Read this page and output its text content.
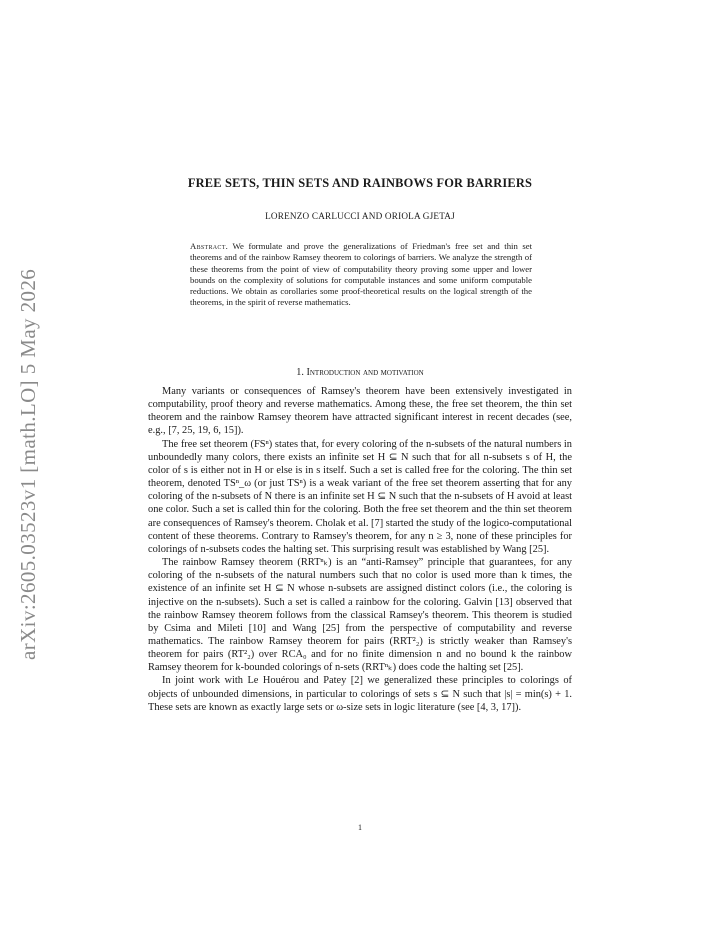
arXiv:2605.03523v1 [math.LO] 5 May 2026
FREE SETS, THIN SETS AND RAINBOWS FOR BARRIERS
LORENZO CARLUCCI AND ORIOLA GJETAJ
Abstract. We formulate and prove the generalizations of Friedman's free set and thin set theorems and of the rainbow Ramsey theorem to colorings of barriers. We analyze the strength of these theorems from the point of view of computability theory proving some upper and lower bounds on the complexity of solutions for computable instances and some uniform computable reductions. We obtain as corollaries some proof-theoretical results on the logical strength of the theorems, in the spirit of reverse mathematics.
1. Introduction and motivation

Many variants or consequences of Ramsey's theorem have been extensively investigated in computability, proof theory and reverse mathematics. Among these, the free set theorem, the thin set theorem and the rainbow Ramsey theorem have attracted significant interest in recent decades (see, e.g., [7, 25, 19, 6, 15]).

The free set theorem (FSⁿ) states that, for every coloring of the n-subsets of the natural numbers in unboundedly many colors, there exists an infinite set H ⊆ N such that for all n-subsets s of H, the color of s is either not in H or else is in s itself. Such a set is called free for the coloring. The thin set theorem, denoted TSⁿ_ω (or just TSⁿ) is a weak variant of the free set theorem asserting that for any coloring of the n-subsets of N there is an infinite set H ⊆ N such that the n-subsets of H avoid at least one color. Such a set is called thin for the coloring. Both the free set theorem and the thin set theorem are consequences of Ramsey's theorem. Cholak et al. [7] started the study of the logico-computational content of these theorems. Contrary to Ramsey's theorem, for any n ≥ 3, none of these principles for colorings of n-subsets codes the halting set. This surprising result was established by Wang [25].

The rainbow Ramsey theorem (RRTⁿₖ) is an “anti-Ramsey” principle that guarantees, for any coloring of the n-subsets of the natural numbers such that no color is used more than k times, the existence of an infinite set H ⊆ N whose n-subsets are assigned distinct colors (i.e., the coloring is injective on the n-subsets). Such a set is called a rainbow for the coloring. Galvin [13] observed that the rainbow Ramsey theorem follows from the classical Ramsey's theorem. This theorem is studied by Csima and Mileti [10] and Wang [25] from the perspective of computability and reverse mathematics. The rainbow Ramsey theorem for pairs (RRT²₂) is strictly weaker than Ramsey's theorem for pairs (RT²₂) over RCA₀ and for no finite dimension n and no bound k the rainbow Ramsey theorem for k-bounded colorings of n-sets (RRTⁿₖ) does code the halting set [25].

In joint work with Le Houérou and Patey [2] we generalized these principles to colorings of objects of unbounded dimensions, in particular to colorings of sets s ⊆ N such that |s| = min(s) + 1. These sets are known as exactly large sets or ω-size sets in logic literature (see [4, 3, 17]).

1
